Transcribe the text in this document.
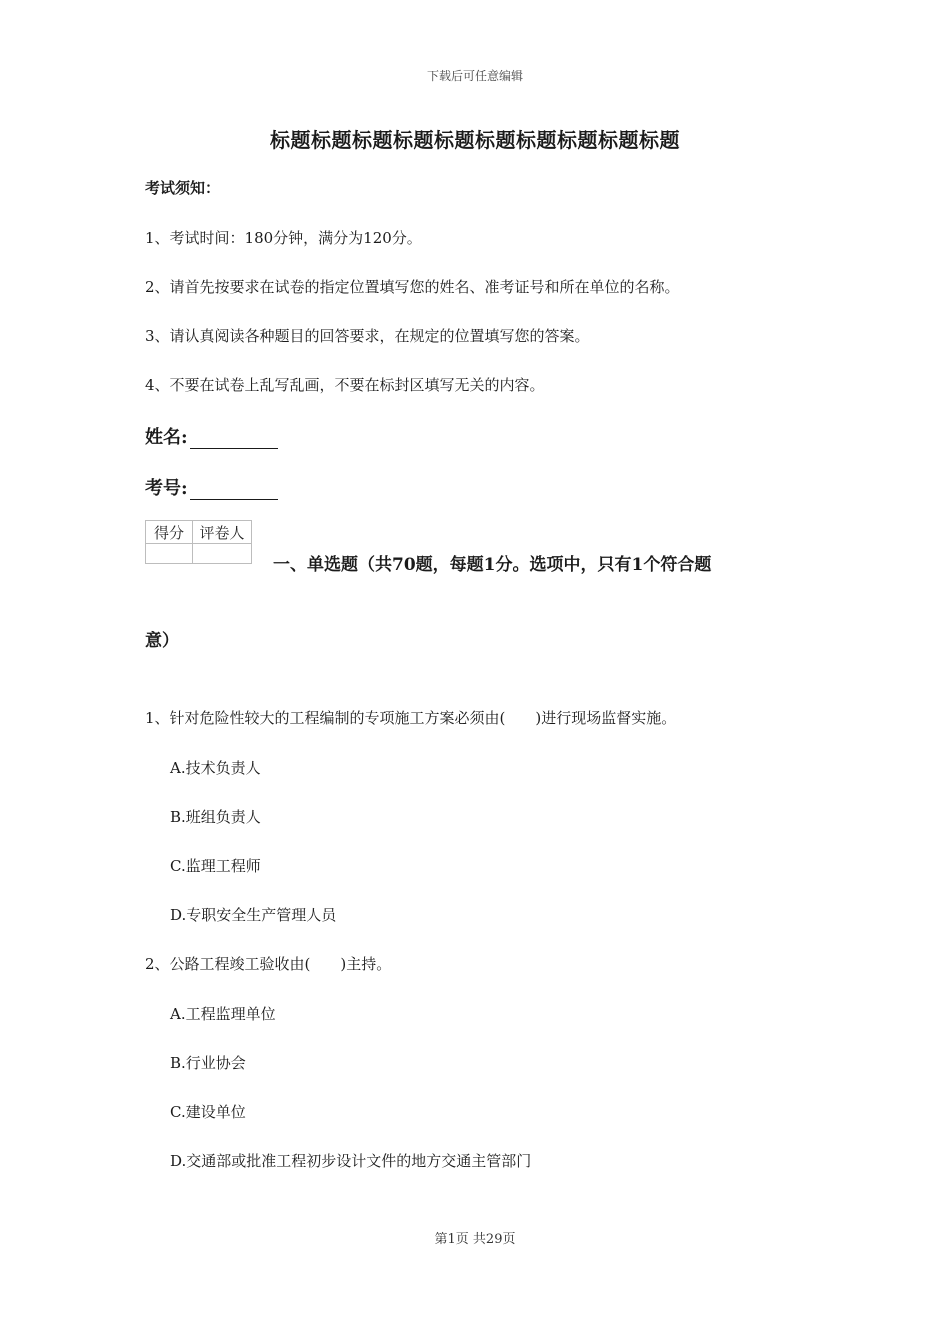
下载后可任意编辑
标题标题标题标题标题标题标题标题标题标题
考试须知：
1、考试时间：180分钟，满分为120分。
2、请首先按要求在试卷的指定位置填写您的姓名、准考证号和所在单位的名称。
3、请认真阅读各种题目的回答要求，在规定的位置填写您的答案。
4、不要在试卷上乱写乱画，不要在标封区填写无关的内容。
姓名:
考号:
得分	评卷人

一、单选题（共70题，每题1分。选项中，只有1个符合题
意）
1、针对危险性较大的工程编制的专项施工方案必须由(　　)进行现场监督实施。
A.技术负责人
B.班组负责人
C.监理工程师
D.专职安全生产管理人员
2、公路工程竣工验收由(　　)主持。
A.工程监理单位
B.行业协会
C.建设单位
D.交通部或批准工程初步设计文件的地方交通主管部门
第1页 共29页
